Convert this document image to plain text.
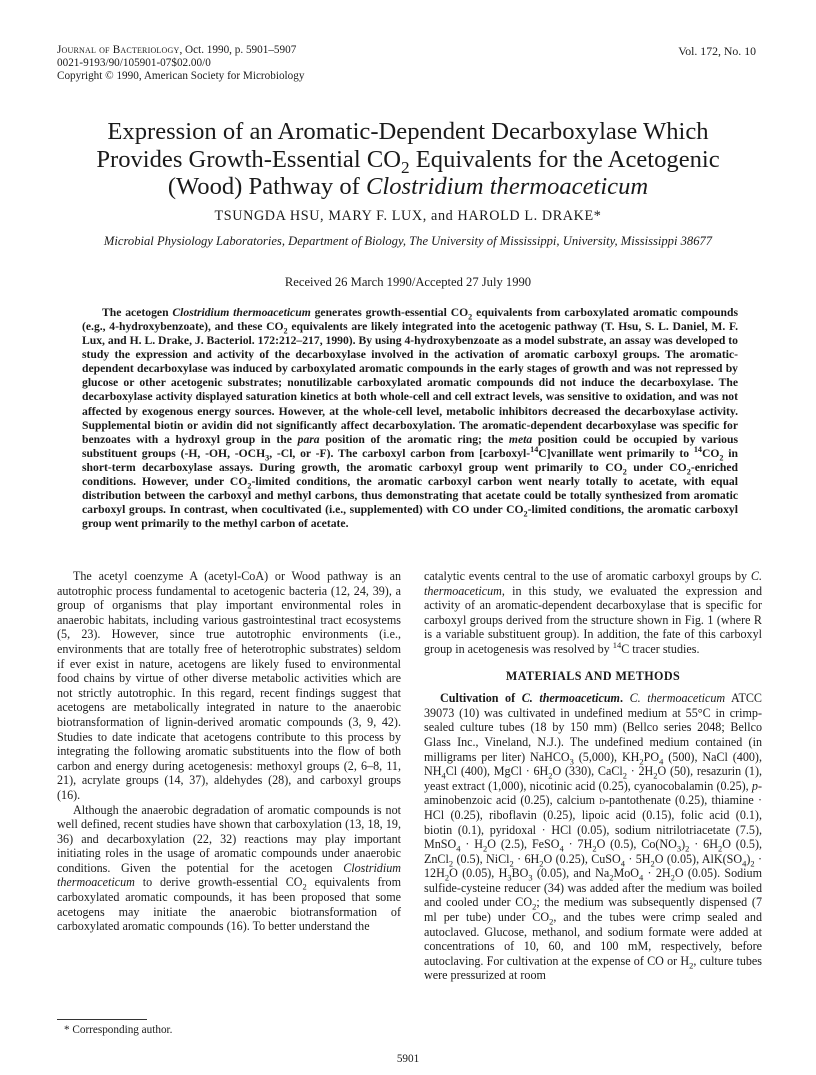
Journal of Bacteriology, Oct. 1990, p. 5901–5907
0021-9193/90/105901-07$02.00/0
Copyright © 1990, American Society for Microbiology
Vol. 172, No. 10
Expression of an Aromatic-Dependent Decarboxylase Which
Provides Growth-Essential $CO_2$ Equivalents for the Acetogenic
(Wood) Pathway of Clostridium thermoaceticum
TSUNGDA HSU, MARY F. LUX, and HAROLD L. DRAKE*
Microbial Physiology Laboratories, Department of Biology, The University of Mississippi, University, Mississippi 38677
Received 26 March 1990/Accepted 27 July 1990

The acetogen Clostridium thermoaceticum generates growth-essential $CO_2$ equivalents from carboxylated aromatic compounds (e.g., 4-hydroxybenzoate), and these $CO_2$ equivalents are likely integrated into the acetogenic pathway (T. Hsu, S. L. Daniel, M. F. Lux, and H. L. Drake, J. Bacteriol. 172:212–217, 1990). By using 4-hydroxybenzoate as a model substrate, an assay was developed to study the expression and activity of the decarboxylase involved in the activation of aromatic carboxyl groups. The aromatic-dependent decarboxylase was induced by carboxylated aromatic compounds in the early stages of growth and was not repressed by glucose or other acetogenic substrates; nonutilizable carboxylated aromatic compounds did not induce the decarboxylase. The decarboxylase activity displayed saturation kinetics at both whole-cell and cell extract levels, was sensitive to oxidation, and was not affected by exogenous energy sources. However, at the whole-cell level, metabolic inhibitors decreased the decarboxylase activity. Supplemental biotin or avidin did not significantly affect decarboxylation. The aromatic-dependent decarboxylase was specific for benzoates with a hydroxyl group in the para position of the aromatic ring; the meta position could be occupied by various substituent groups (-H, -OH, $-OCH_3$, -Cl, or -F). The carboxyl carbon from [carboxyl-$^{14}$C]vanillate went primarily to $^{14}CO_2$ in short-term decarboxylase assays. During growth, the aromatic carboxyl group went primarily to $CO_2$ under $CO_2$-enriched conditions. However, under $CO_2$-limited conditions, the aromatic carboxyl carbon went nearly totally to acetate, with equal distribution between the carboxyl and methyl carbons, thus demonstrating that acetate could be totally synthesized from aromatic carboxyl groups. In contrast, when cocultivated (i.e., supplemented) with CO under $CO_2$-limited conditions, the aromatic carboxyl group went primarily to the methyl carbon of acetate.

The acetyl coenzyme A (acetyl-CoA) or Wood pathway is an autotrophic process fundamental to acetogenic bacteria (12, 24, 39), a group of organisms that play important environmental roles in anaerobic habitats, including various gastrointestinal tract ecosystems (5, 23). However, since true autotrophic environments (i.e., environments that are totally free of heterotrophic substrates) seldom if ever exist in nature, acetogens are likely fused to environmental food chains by virtue of other diverse metabolic activities which are not strictly autotrophic. In this regard, recent findings suggest that acetogens are metabolically integrated in nature to the anaerobic biotransformation of lignin-derived aromatic compounds (3, 9, 42). Studies to date indicate that acetogens contribute to this process by integrating the following aromatic substituents into the flow of both carbon and energy during acetogenesis: methoxyl groups (2, 6–8, 11, 21), acrylate groups (14, 37), aldehydes (28), and carboxyl groups (16).

Although the anaerobic degradation of aromatic compounds is not well defined, recent studies have shown that carboxylation (13, 18, 19, 36) and decarboxylation (22, 32) reactions may play important initiating roles in the usage of aromatic compounds under anaerobic conditions. Given the potential for the acetogen Clostridium thermoaceticum to derive growth-essential $CO_2$ equivalents from carboxylated aromatic compounds, it has been proposed that some acetogens may initiate the anaerobic biotransformation of carboxylated aromatic compounds (16). To better understand the

catalytic events central to the use of aromatic carboxyl groups by C. thermoaceticum, in this study, we evaluated the expression and activity of an aromatic-dependent decarboxylase that is specific for carboxyl groups derived from the structure shown in Fig. 1 (where R is a variable substituent group). In addition, the fate of this carboxyl group in acetogenesis was resolved by $^{14}$C tracer studies.

MATERIALS AND METHODS

Cultivation of C. thermoaceticum. C. thermoaceticum ATCC 39073 (10) was cultivated in undefined medium at 55°C in crimp-sealed culture tubes (18 by 150 mm) (Bellco series 2048; Bellco Glass Inc., Vineland, N.J.). The undefined medium contained (in milligrams per liter) NaHCO$_3$ (5,000), $KH_2PO_4$ (500), NaCl (400), $NH_4Cl$ (400), MgCl · $6H_2O$ (330), CaCl$_2$ · $2H_2O$ (50), resazurin (1), yeast extract (1,000), nicotinic acid (0.25), cyanocobalamin (0.25), p-aminobenzoic acid (0.25), calcium d-pantothenate (0.25), thiamine · HCl (0.25), riboflavin (0.25), lipoic acid (0.15), folic acid (0.1), biotin (0.1), pyridoxal · HCl (0.05), sodium nitrilotriacetate (7.5), MnSO$_4$ · $H_2O$ (2.5), FeSO$_4$ · $7H_2O$ (0.5), $Co(NO_3)_2 \cdot 6H_2O$ (0.5), ZnCl$_2$ (0.5), NiCl$_2$ · $6H_2O$ (0.25), CuSO$_4$ · $5H_2O$ (0.05), $AlK(SO_4)_2 \cdot 12H_2O$ (0.05), $H_3BO_3$ (0.05), and $Na_2MoO_4 \cdot 2H_2O$ (0.05). Sodium sulfide-cysteine reducer (34) was added after the medium was boiled and cooled under $CO_2$; the medium was subsequently dispensed (7 ml per tube) under $CO_2$, and the tubes were crimp sealed and autoclaved. Glucose, methanol, and sodium formate were added at concentrations of 10, 60, and 100 mM, respectively, before autoclaving. For cultivation at the expense of CO or $H_2$, culture tubes were pressurized at room

* Corresponding author.
5901
